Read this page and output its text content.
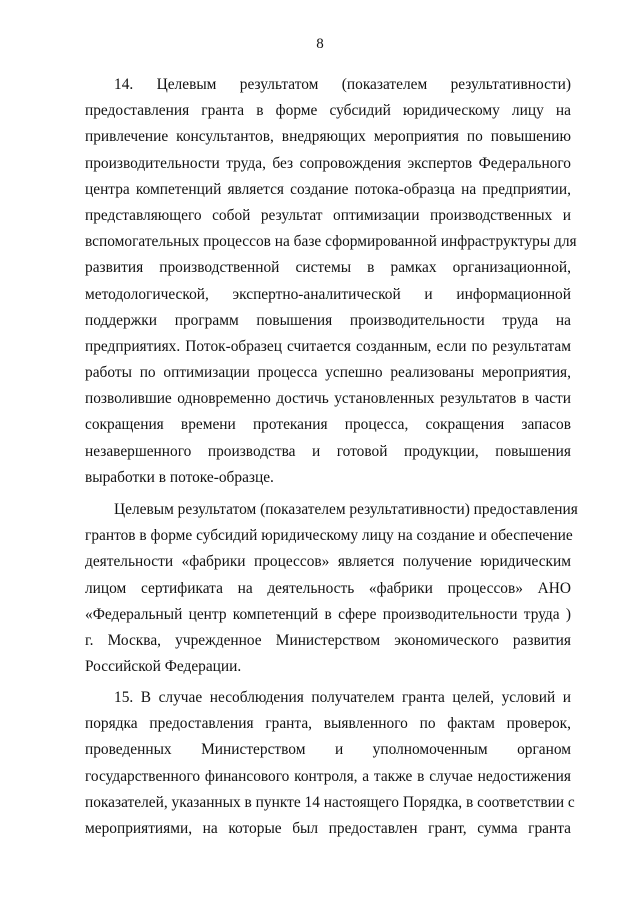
8
14. Целевым результатом (показателем результативности)
предоставления гранта в форме субсидий юридическому лицу на
привлечение консультантов, внедряющих мероприятия по повышению
производительности труда, без сопровождения экспертов Федерального
центра компетенций является создание потока-образца на предприятии,
представляющего собой результат оптимизации производственных и
вспомогательных процессов на базе сформированной инфраструктуры для
развития производственной системы в рамках организационной,
методологической, экспертно-аналитической и информационной
поддержки программ повышения производительности труда на
предприятиях. Поток-образец считается созданным, если по результатам
работы по оптимизации процесса успешно реализованы мероприятия,
позволившие одновременно достичь установленных результатов в части
сокращения времени протекания процесса, сокращения запасов
незавершенного производства и готовой продукции, повышения
выработки в потоке-образце.
Целевым результатом (показателем результативности) предоставления
грантов в форме субсидий юридическому лицу на создание и обеспечение
деятельности «фабрики процессов» является получение юридическим
лицом сертификата на деятельность «фабрики процессов» АНО
«Федеральный центр компетенций в сфере производительности труда )
г. Москва, учрежденное Министерством экономического развития
Российской Федерации.
15. В случае несоблюдения получателем гранта целей, условий и
порядка предоставления гранта, выявленного по фактам проверок,
проведенных Министерством и уполномоченным органом
государственного финансового контроля, а также в случае недостижения
показателей, указанных в пункте 14 настоящего Порядка, в соответствии с
мероприятиями, на которые был предоставлен грант, сумма гранта
